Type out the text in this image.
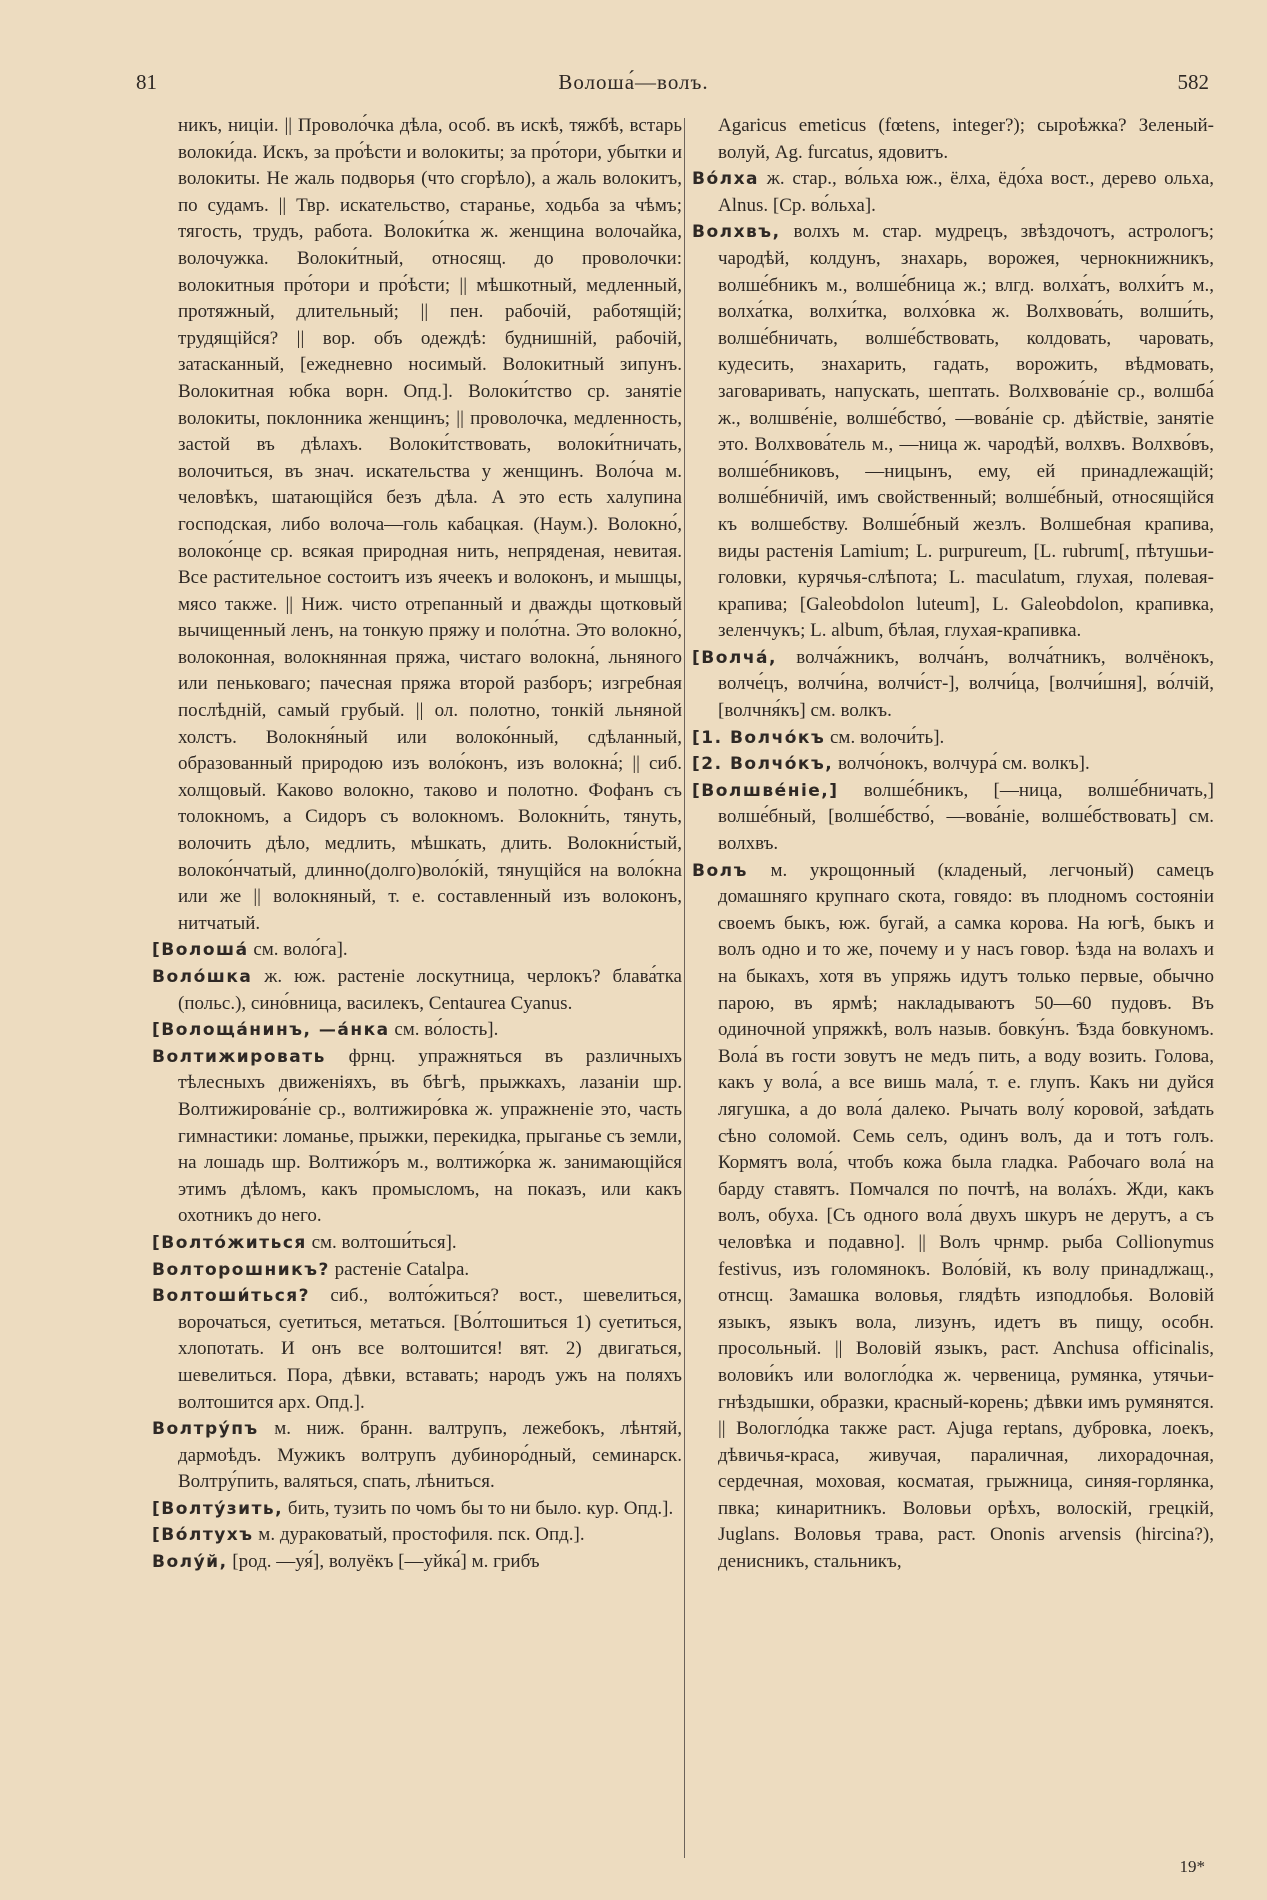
81	Волоша́—волъ.	582

никъ, ниціи. || Проволо́чка дѣла, особ. въ искѣ, тяжбѣ, встарь волоки́да. Искъ, за про́ѣсти и волокиты; за про́тори, убытки и волокиты. Не жаль подворья (что сгорѣло), а жаль волокитъ, по судамъ. || Твр. искательство, старанье, ходьба за чѣмъ; тягость, трудъ, работа. Волоки́тка ж. женщина волочайка, волочужка. Волоки́тный, относящ. до проволочки: волокитныя про́тори и про́ѣсти; || мѣшкотный, медленный, протяжный, длительный; || пен. рабочій, работящій; трудящійся? || вор. объ одеждѣ: буднишній, рабочій, затасканный, [ежедневно носимый. Волокитный зипунъ. Волокитная юбка ворн. Опд.]. Волоки́тство ср. занятіе волокиты, поклонника женщинъ; || проволочка, медленность, застой въ дѣлахъ. Волоки́тствовать, волоки́тничать, волочиться, въ знач. искательства у женщинъ. Воло́ча м. человѣкъ, шатающійся безъ дѣла. А это есть халупина господская, либо волоча—голь кабацкая. (Наум.). Волокно́, волоко́нце ср. всякая природная нить, непряденая, невитая. Все растительное состоитъ изъ ячеекъ и волоконъ, и мышцы, мясо также. || Ниж. чисто отрепанный и дважды щотковый вычищенный ленъ, на тонкую пряжу и поло́тна. Это волокно́, волоконная, волокнянная пряжа, чистаго волокна́, льняного или пеньковаго; пачесная пряжа второй разборъ; изгребная послѣдній, самый грубый. || ол. полотно, тонкій льняной холстъ. Волокня́ный или волоко́нный, сдѣланный, образованный природою изъ воло́конъ, изъ волокна́; || сиб. холщовый. Каково волокно, таково и полотно. Фофанъ съ толокномъ, а Сидоръ съ волокномъ. Волокни́ть, тянуть, волочить дѣло, медлить, мѣшкать, длить. Волокни́стый, волоко́нчатый, длинно(долго)воло́кій, тянущійся на воло́кна или же || волокняный, т. е. составленный изъ волоконъ, нитчатый.

[Волоша́ см. воло́га].

Воло́шка ж. юж. растеніе лоскутница, черлокъ? блава́тка (польс.), сино́вница, василекъ, Centaurea Cyanus.

[Волоща́нинъ, —а́нка см. во́лость].

Волтижировать фрнц. упражняться въ различныхъ тѣлесныхъ движеніяхъ, въ бѣгѣ, прыжкахъ, лазаніи шр. Волтижирова́ніе ср., волтижиро́вка ж. упражненіе это, часть гимнастики: ломанье, прыжки, перекидка, прыганье съ земли, на лошадь шр. Волтижо́ръ м., волтижо́рка ж. занимающійся этимъ дѣломъ, какъ промысломъ, на показъ, или какъ охотникъ до него.

[Волто́житься см. волтоши́ться].

Волторошникъ? растеніе Catalpa.

Волтоши́ться? сиб., волто́житься? вост., шевелиться, ворочаться, суетиться, метаться. [Во́лтошиться 1) суетиться, хлопотать. И онъ все волтошится! вят. 2) двигаться, шевелиться. Пора, дѣвки, вставать; народъ ужъ на поляхъ волтошится арх. Опд.].

Волтру́пъ м. ниж. бранн. валтрупъ, лежебокъ, лѣнтяй, дармоѣдъ. Мужикъ волтрупъ дубиноро́дный, семинарск. Волтру́пить, валяться, спать, лѣниться.

[Волту́зить, бить, тузить по чомъ бы то ни было. кур. Опд.].

[Во́лтухъ м. дураковатый, простофиля. пск. Опд.].

Волу́й, [род. —уя́], волуёкъ [—уйка́] м. грибъ

Agaricus emeticus (fœtens, integer?); сыроѣжка? Зеленый-волуй, Ag. furcatus, ядовитъ.

Во́лха ж. стар., во́льха юж., ёлха, ёдо́ха вост., дерево ольха, Alnus. [Ср. во́льха].

Волхвъ, волхъ м. стар. мудрецъ, звѣздочотъ, астрологъ; чародѣй, колдунъ, знахарь, ворожея, чернокнижникъ, волше́бникъ м., волше́бница ж.; влгд. волха́тъ, волхи́тъ м., волха́тка, волхи́тка, волхо́вка ж. Волхвова́ть, волши́ть, волше́бничать, волше́бствовать, колдовать, чаровать, кудесить, знахарить, гадать, ворожить, вѣдмовать, заговаривать, напускать, шептать. Волхвова́ніе ср., волшба́ ж., волшве́ніе, волше́бство́, —вова́ніе ср. дѣйствіе, занятіе это. Волхвова́тель м., —ница ж. чародѣй, волхвъ. Волхво́въ, волше́бниковъ, —ницынъ, ему, ей принадлежащій; волше́бничій, имъ свойственный; волше́бный, относящійся къ волшебству. Волше́бный жезлъ. Волшебная крапива, виды растенія Lamium; L. purpureum, [L. rubrum[, пѣтушьи-головки, курячья-слѣпота; L. maculatum, глухая, полевая- крапива; [Galeobdolon luteum], L. Galeobdolon, крапивка, зеленчукъ; L. album, бѣлая, глухая-крапивка.

[Волча́, волча́жникъ, волча́нъ, волча́тникъ, волчёнокъ, волче́цъ, волчи́на, волчи́ст-], волчи́ца, [волчи́шня], во́лчій, [волчня́къ] см. волкъ.

[1. Волчо́къ см. волочи́ть].

[2. Волчо́къ, волчо́нокъ, волчура́ см. волкъ].

[Волшве́ніе,] волше́бникъ, [—ница, волше́бничать,] волше́бный, [волше́бство́, —вова́ніе, волше́бствовать] см. волхвъ.

Волъ м. укрощонный (кладеный, легчоный) самецъ домашняго крупнаго скота, говядо: въ плодномъ состояніи своемъ быкъ, юж. бугай, а самка корова. На югѣ, быкъ и волъ одно и то же, почему и у насъ говор. ѣзда на волахъ и на быкахъ, хотя въ упряжь идутъ только первые, обычно парою, въ ярмѣ; накладываютъ 50—60 пудовъ. Въ одиночной упряжкѣ, волъ назыв. бовку́нъ. Ѣзда бовкуномъ. Вола́ въ гости зовутъ не медъ пить, а воду возить. Голова, какъ у вола́, а все вишь мала́, т. е. глупъ. Какъ ни дуйся лягушка, а до вола́ далеко. Рычать волу́ коровой, заѣдать сѣно соломой. Семь селъ, одинъ волъ, да и тотъ голъ. Кормятъ вола́, чтобъ кожа была гладка. Рабочаго вола́ на барду ставятъ. Помчался по почтѣ, на вола́хъ. Жди, какъ волъ, обуха. [Съ одного вола́ двухъ шкуръ не дерутъ, а съ человѣка и подавно]. || Волъ чрнмр. рыба Collionymus festivus, изъ голомянокъ. Воло́вій, къ волу принадлжащ., отнсщ. Замашка воловья, глядѣть изподлобья. Воловій языкъ, языкъ вола, лизунъ, идетъ въ пищу, особн. просольный. || Воловій языкъ, раст. Anchusa officinalis, волови́къ или вологло́дка ж. червеница, румянка, утячьи-гнѣздышки, образки, красный-корень; дѣвки имъ румянятся. || Вологло́дка также раст. Ajuga reptans, дубровка, лоекъ, дѣвичья-краса, живучая, параличная, лихорадочная, сердечная, моховая, косматая, грыжница, синяя-горлянка, пвка; кинаритникъ. Воловьи орѣхъ, волоскій, грецкій, Juglans. Воловья трава, раст. Ononis arvensis (hircina?), денисникъ, стальникъ,

19*
